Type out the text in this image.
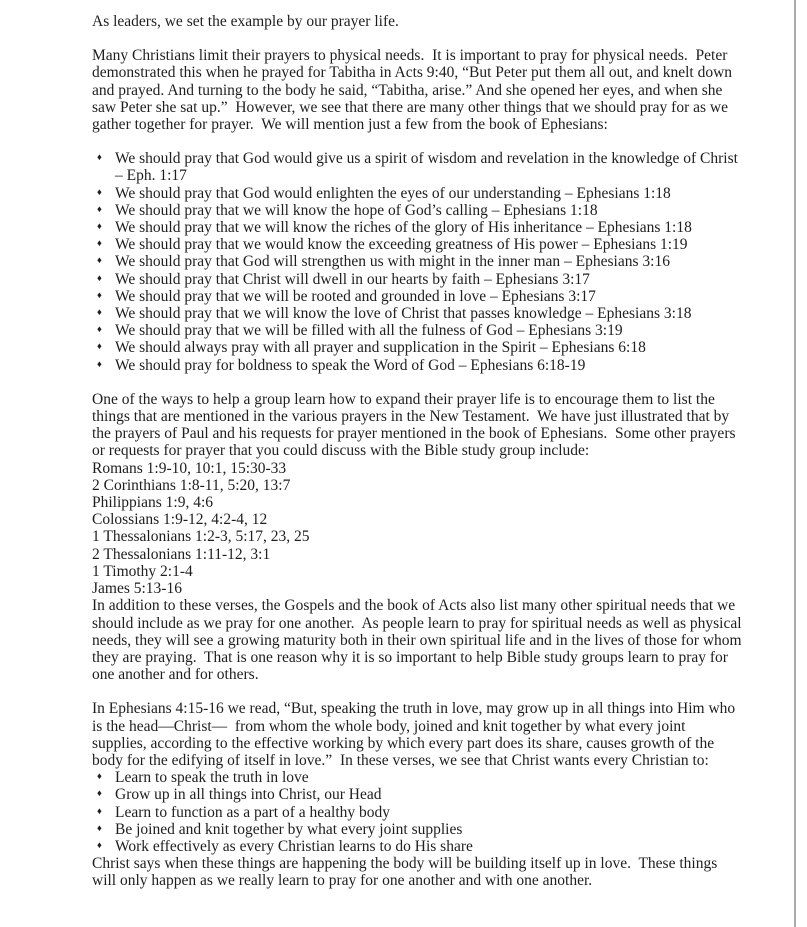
As leaders, we set the example by our prayer life.

Many Christians limit their prayers to physical needs.  It is important to pray for physical needs.  Peter demonstrated this when he prayed for Tabitha in Acts 9:40, “But Peter put them all out, and knelt down and prayed. And turning to the body he said, “Tabitha, arise.” And she opened her eyes, and when she saw Peter she sat up.”  However, we see that there are many other things that we should pray for as we gather together for prayer.  We will mention just a few from the book of Ephesians:

♦ We should pray that God would give us a spirit of wisdom and revelation in the knowledge of Christ – Eph. 1:17
♦ We should pray that God would enlighten the eyes of our understanding – Ephesians 1:18
♦ We should pray that we will know the hope of God’s calling – Ephesians 1:18
♦ We should pray that we will know the riches of the glory of His inheritance – Ephesians 1:18
♦ We should pray that we would know the exceeding greatness of His power – Ephesians 1:19
♦ We should pray that God will strengthen us with might in the inner man – Ephesians 3:16
♦ We should pray that Christ will dwell in our hearts by faith – Ephesians 3:17
♦ We should pray that we will be rooted and grounded in love – Ephesians 3:17
♦ We should pray that we will know the love of Christ that passes knowledge – Ephesians 3:18
♦ We should pray that we will be filled with all the fulness of God – Ephesians 3:19
♦ We should always pray with all prayer and supplication in the Spirit – Ephesians 6:18
♦ We should pray for boldness to speak the Word of God – Ephesians 6:18-19

One of the ways to help a group learn how to expand their prayer life is to encourage them to list the things that are mentioned in the various prayers in the New Testament.  We have just illustrated that by the prayers of Paul and his requests for prayer mentioned in the book of Ephesians.  Some other prayers or requests for prayer that you could discuss with the Bible study group include:

Romans 1:9-10, 10:1, 15:30-33
2 Corinthians 1:8-11, 5:20, 13:7
Philippians 1:9, 4:6
Colossians 1:9-12, 4:2-4, 12
1 Thessalonians 1:2-3, 5:17, 23, 25
2 Thessalonians 1:11-12, 3:1
1 Timothy 2:1-4
James 5:13-16

In addition to these verses, the Gospels and the book of Acts also list many other spiritual needs that we should include as we pray for one another.  As people learn to pray for spiritual needs as well as physical needs, they will see a growing maturity both in their own spiritual life and in the lives of those for whom they are praying.  That is one reason why it is so important to help Bible study groups learn to pray for one another and for others.

In Ephesians 4:15-16 we read, “But, speaking the truth in love, may grow up in all things into Him who is the head—Christ—  from whom the whole body, joined and knit together by what every joint supplies, according to the effective working by which every part does its share, causes growth of the body for the edifying of itself in love.”  In these verses, we see that Christ wants every Christian to:

♦ Learn to speak the truth in love
♦ Grow up in all things into Christ, our Head
♦ Learn to function as a part of a healthy body
♦ Be joined and knit together by what every joint supplies
♦ Work effectively as every Christian learns to do His share

Christ says when these things are happening the body will be building itself up in love.  These things will only happen as we really learn to pray for one another and with one another.
